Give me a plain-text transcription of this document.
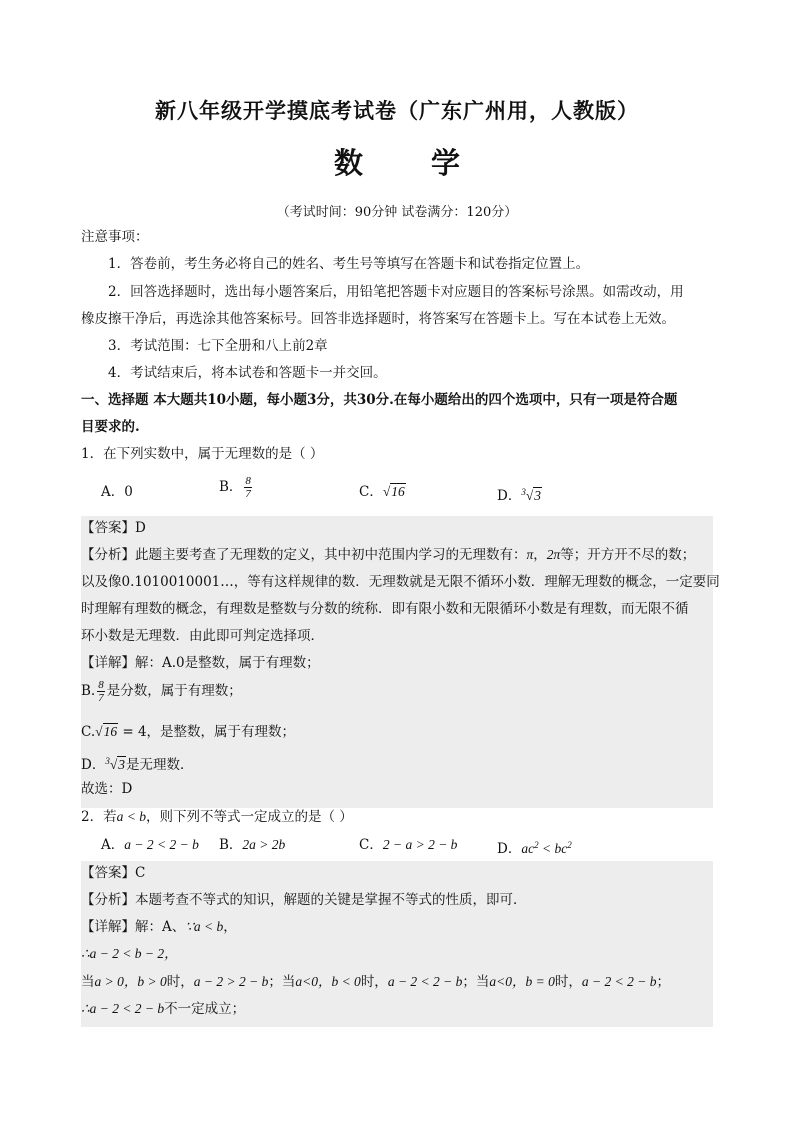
新八年级开学摸底考试卷（广东广州用，人教版）
数 学
（考试时间：90分钟 试卷满分：120分）
注意事项：
1．答卷前，考生务必将自己的姓名、考生号等填写在答题卡和试卷指定位置上。
2．回答选择题时，选出每小题答案后，用铅笔把答题卡对应题目的答案标号涂黑。如需改动，用
橡皮擦干净后，再选涂其他答案标号。回答非选择题时，将答案写在答题卡上。写在本试卷上无效。
3．考试范围：七下全册和八上前2章
4．考试结束后，将本试卷和答题卡一并交回。
一、选择题 本大题共10小题，每小题3分，共30分.在每小题给出的四个选项中，只有一项是符合题
目要求的.
1．在下列实数中，属于无理数的是（ ）
A．0	B． $\frac{8}{7}$	C．√16	D．$^3$√3
【答案】D
【分析】此题主要考查了无理数的定义，其中初中范围内学习的无理数有：π，2π等；开方开不尽的数；
以及像0.1010010001…，等有这样规律的数．无理数就是无限不循环小数．理解无理数的概念，一定要同
时理解有理数的概念，有理数是整数与分数的统称．即有限小数和无限循环小数是有理数，而无限不循
环小数是无理数．由此即可判定选择项．
【详解】解：A.0是整数，属于有理数；
B. $\frac{8}{7}$ 是分数，属于有理数；
C.√16 = 4，是整数，属于有理数；
D．$^3$√3是无理数．
故选：D
2．若a < b，则下列不等式一定成立的是（ ）
A．a − 2 < 2 − b B．2a > 2b	C．2 − a > 2 − b	D．$ac^2 < bc^2$
【答案】C
【分析】本题考查不等式的知识，解题的关键是掌握不等式的性质，即可．
【详解】解：A、∵a < b，
∴a − 2 < b − 2，
当a > 0，b > 0时，a − 2 > 2 − b；当a<0，b < 0时，a − 2 < 2 − b；当a<0，b = 0时，a − 2 < 2 − b；
∴a − 2 < 2 − b不一定成立；
